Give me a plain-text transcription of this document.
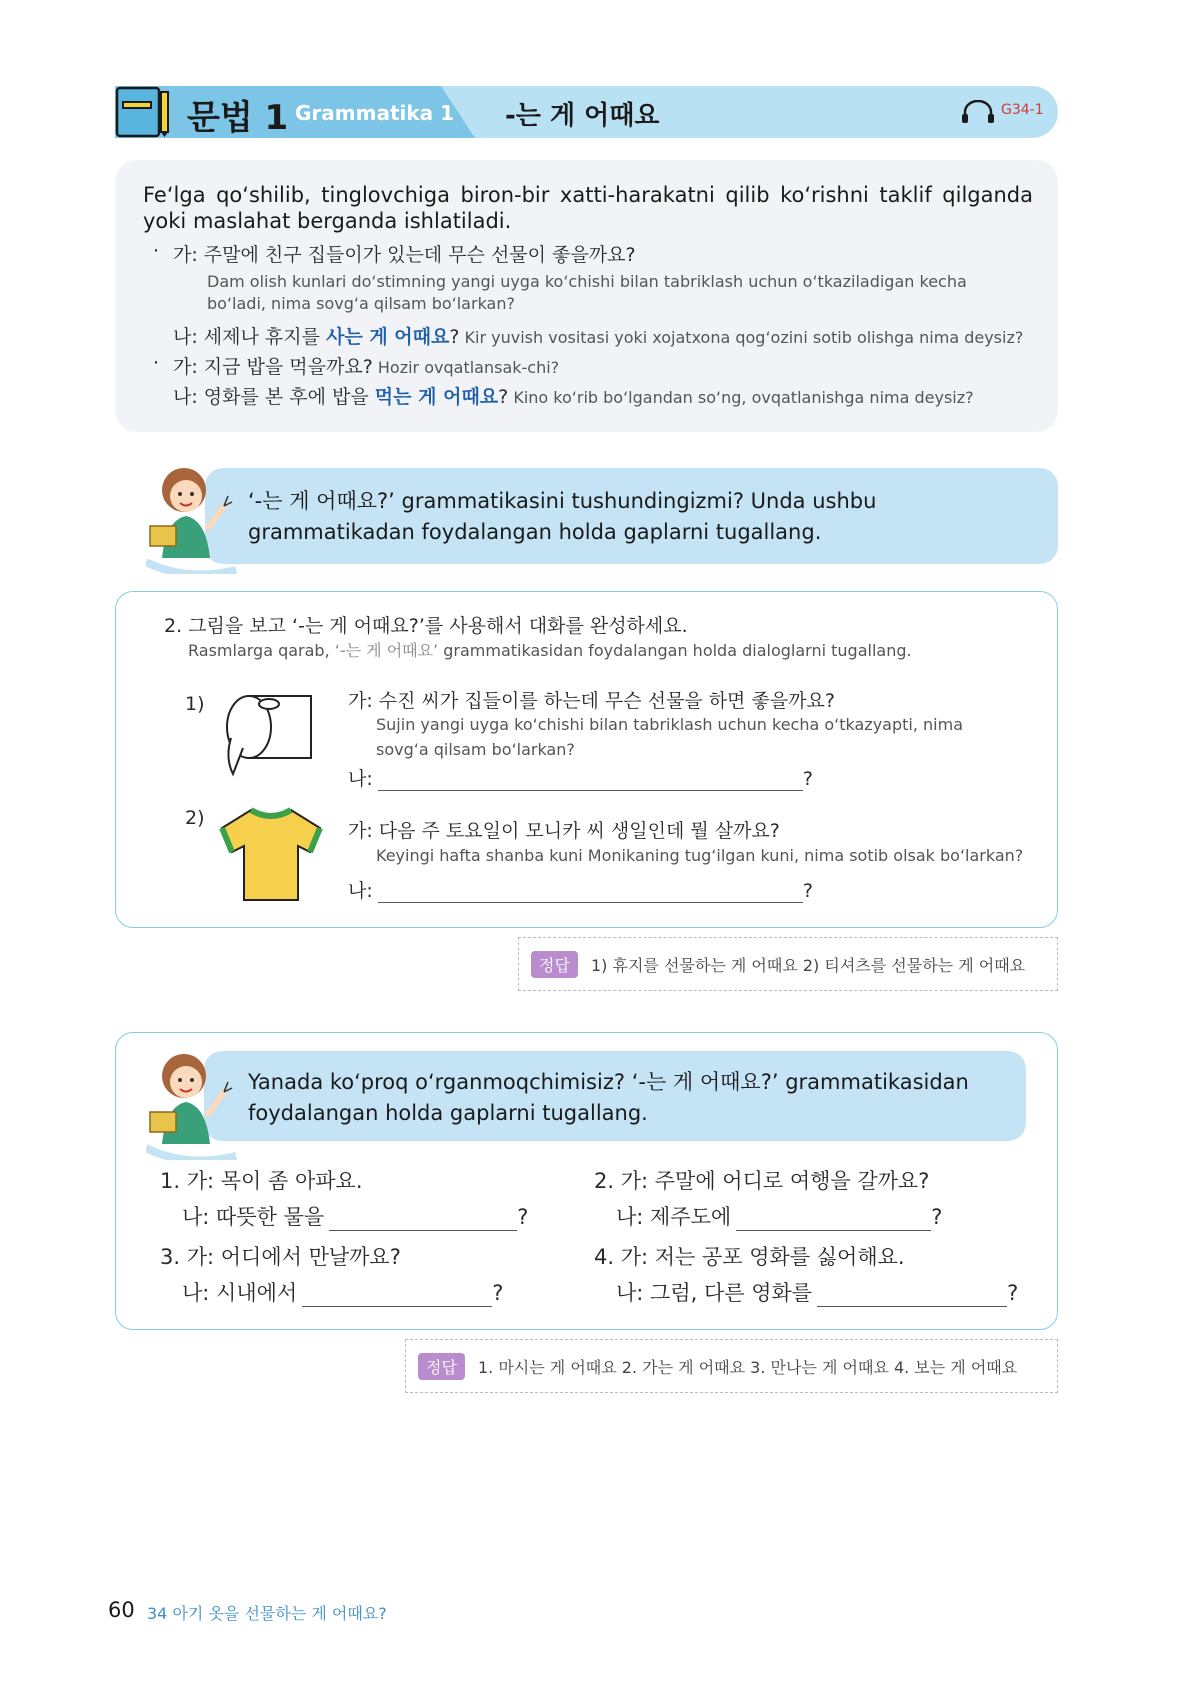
문법 1 Grammatika 1 -는 게 어때요	G34-1
Fe‘lga qo‘shilib, tinglovchiga biron-bir xatti-harakatni qilib ko‘rishni taklif qilganda yoki maslahat berganda ishlatiladi.
· 가: 주말에 친구 집들이가 있는데 무슨 선물이 좋을까요?
Dam olish kunlari do‘stimning yangi uyga ko‘chishi bilan tabriklash uchun o‘tkaziladigan kecha bo‘ladi, nima sovg‘a qilsam bo‘larkan?
나: 세제나 휴지를 사는 게 어때요? Kir yuvish vositasi yoki xojatxona qog‘ozini sotib olishga nima deysiz?
· 가: 지금 밥을 먹을까요? Hozir ovqatlansak-chi?
나: 영화를 본 후에 밥을 먹는 게 어때요? Kino ko‘rib bo‘lgandan so‘ng, ovqatlanishga nima deysiz?
‘-는 게 어때요?’ grammatikasini tushundingizmi? Unda ushbu grammatikadan foydalangan holda gaplarni tugallang.
2. 그림을 보고 ‘-는 게 어때요?’를 사용해서 대화를 완성하세요.
Rasmlarga qarab, ‘-는 게 어때요’ grammatikasidan foydalangan holda dialoglarni tugallang.
1)	가: 수진 씨가 집들이를 하는데 무슨 선물을 하면 좋을까요?
Sujin yangi uyga ko‘chishi bilan tabriklash uchun kecha o‘tkazyapti, nima sovg‘a qilsam bo‘larkan?
나:	?
2)
가: 다음 주 토요일이 모니카 씨 생일인데 뭘 살까요?
Keyingi hafta shanba kuni Monikaning tug‘ilgan kuni, nima sotib olsak bo‘larkan?
나:	?
정답	1) 휴지를 선물하는 게 어때요 2) 티셔츠를 선물하는 게 어때요
Yanada ko‘proq o‘rganmoqchimisiz? ‘-는 게 어때요?’ grammatikasidan foydalangan holda gaplarni tugallang.
1. 가: 목이 좀 아파요.
나: 따뜻한 물을	?
2. 가: 주말에 어디로 여행을 갈까요?
나: 제주도에	?
3. 가: 어디에서 만날까요?
나: 시내에서	?
4. 가: 저는 공포 영화를 싫어해요.
나: 그럼, 다른 영화를	?
정답	1. 마시는 게 어때요 2. 가는 게 어때요 3. 만나는 게 어때요 4. 보는 게 어때요
60 34 아기 옷을 선물하는 게 어때요?
